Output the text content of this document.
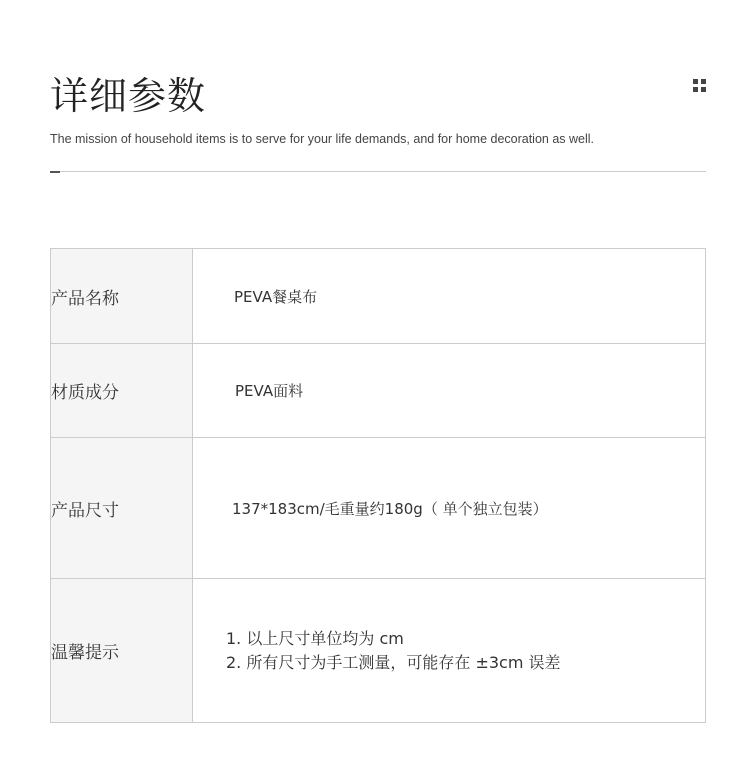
详细参数

The mission of household items is to serve for your life demands, and for home decoration as well.

产品名称	PEVA餐桌布
材质成分	PEVA面料
产品尺寸	137*183cm/毛重量约180g（ 单个独立包装）
温馨提示	1. 以上尺寸单位均为 cm
2. 所有尺寸为手工测量，可能存在 ±3cm 误差
